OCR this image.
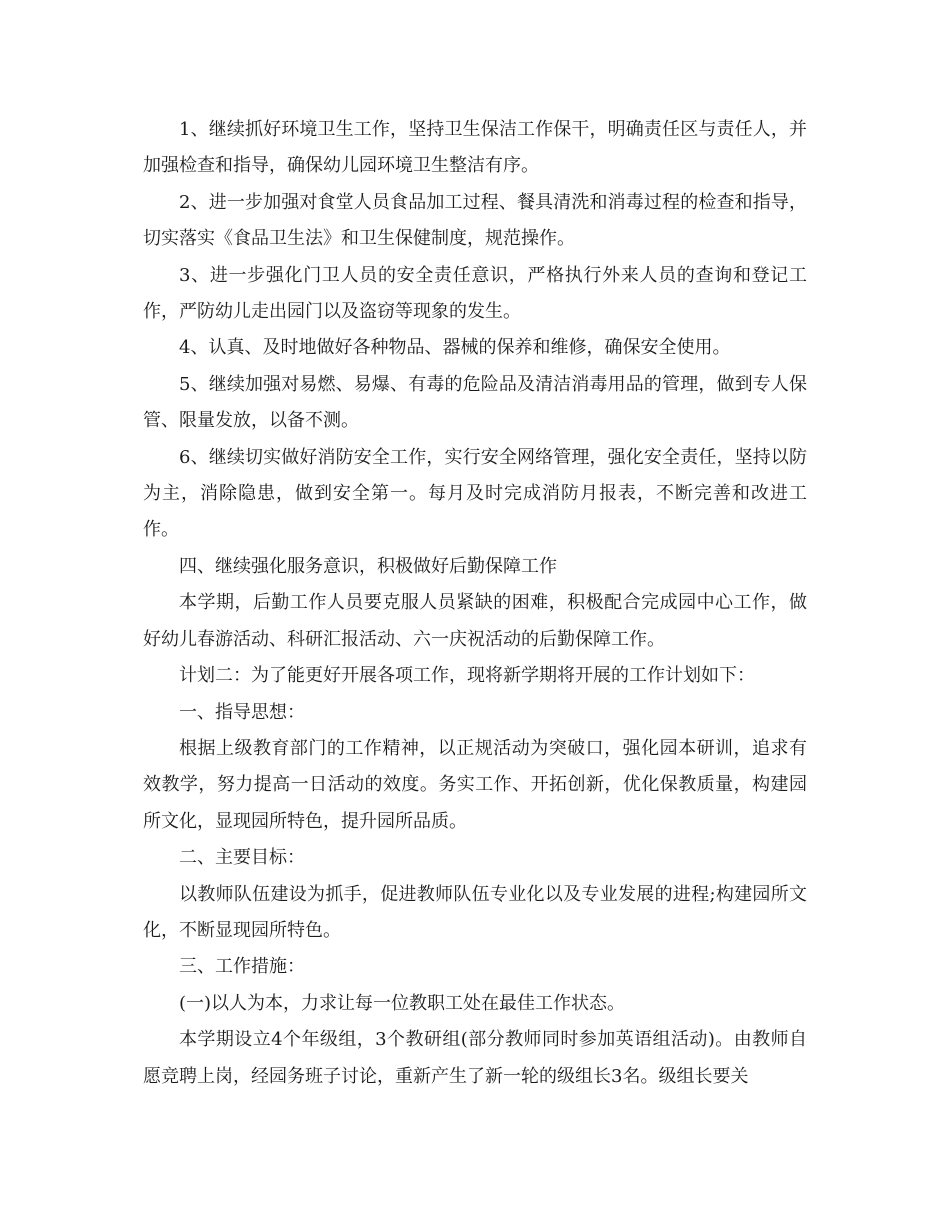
1、继续抓好环境卫生工作，坚持卫生保洁工作保干，明确责任区与责任人，并加强检查和指导，确保幼儿园环境卫生整洁有序。

2、进一步加强对食堂人员食品加工过程、餐具清洗和消毒过程的检查和指导，切实落实《食品卫生法》和卫生保健制度，规范操作。

3、进一步强化门卫人员的安全责任意识，严格执行外来人员的查询和登记工作，严防幼儿走出园门以及盗窃等现象的发生。

4、认真、及时地做好各种物品、器械的保养和维修，确保安全使用。

5、继续加强对易燃、易爆、有毒的危险品及清洁消毒用品的管理，做到专人保管、限量发放，以备不测。

6、继续切实做好消防安全工作，实行安全网络管理，强化安全责任，坚持以防为主，消除隐患，做到安全第一。每月及时完成消防月报表，不断完善和改进工作。

四、继续强化服务意识，积极做好后勤保障工作

本学期，后勤工作人员要克服人员紧缺的困难，积极配合完成园中心工作，做好幼儿春游活动、科研汇报活动、六一庆祝活动的后勤保障工作。

计划二：为了能更好开展各项工作，现将新学期将开展的工作计划如下：

一、指导思想：

根据上级教育部门的工作精神，以正规活动为突破口，强化园本研训，追求有效教学，努力提高一日活动的效度。务实工作、开拓创新，优化保教质量，构建园所文化，显现园所特色，提升园所品质。

二、主要目标：

以教师队伍建设为抓手，促进教师队伍专业化以及专业发展的进程;构建园所文化，不断显现园所特色。

三、工作措施：

(一)以人为本，力求让每一位教职工处在最佳工作状态。

本学期设立4个年级组，3个教研组(部分教师同时参加英语组活动)。由教师自愿竞聘上岗，经园务班子讨论，重新产生了新一轮的级组长3名。级组长要关
